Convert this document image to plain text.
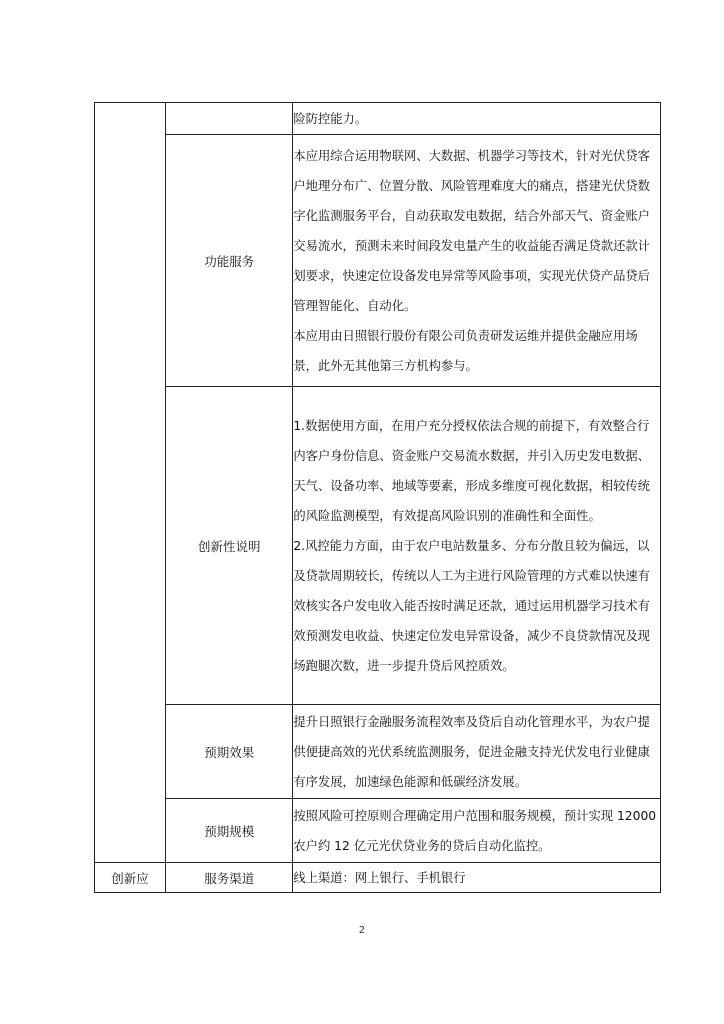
		险防控能力。

	功能服务	本应用综合运用物联网、大数据、机器学习等技术，针对光伏贷客户地理分布广、位置分散、风险管理难度大的痛点，搭建光伏贷数字化监测服务平台，自动获取发电数据，结合外部天气、资金账户交易流水，预测未来时间段发电量产生的收益能否满足贷款还款计划要求，快速定位设备发电异常等风险事项，实现光伏贷产品贷后管理智能化、自动化。

本应用由日照银行股份有限公司负责研发运维并提供金融应用场景，此外无其他第三方机构参与。

	创新性说明	1.数据使用方面，在用户充分授权依法合规的前提下，有效整合行内客户身份信息、资金账户交易流水数据，并引入历史发电数据、天气、设备功率、地域等要素，形成多维度可视化数据，相较传统的风险监测模型，有效提高风险识别的准确性和全面性。

2.风控能力方面，由于农户电站数量多、分布分散且较为偏远，以及贷款周期较长，传统以人工为主进行风险管理的方式难以快速有效核实各户发电收入能否按时满足还款，通过运用机器学习技术有效预测发电收益、快速定位发电异常设备，减少不良贷款情况及现场跑腿次数，进一步提升贷后风控质效。

	预期效果	提升日照银行金融服务流程效率及贷后自动化管理水平，为农户提供便捷高效的光伏系统监测服务，促进金融支持光伏发电行业健康有序发展，加速绿色能源和低碳经济发展。

	预期规模	按照风险可控原则合理确定用户范围和服务规模，预计实现 12000 农户约 12 亿元光伏贷业务的贷后自动化监控。

创新应	服务渠道	线上渠道：网上银行、手机银行

2
